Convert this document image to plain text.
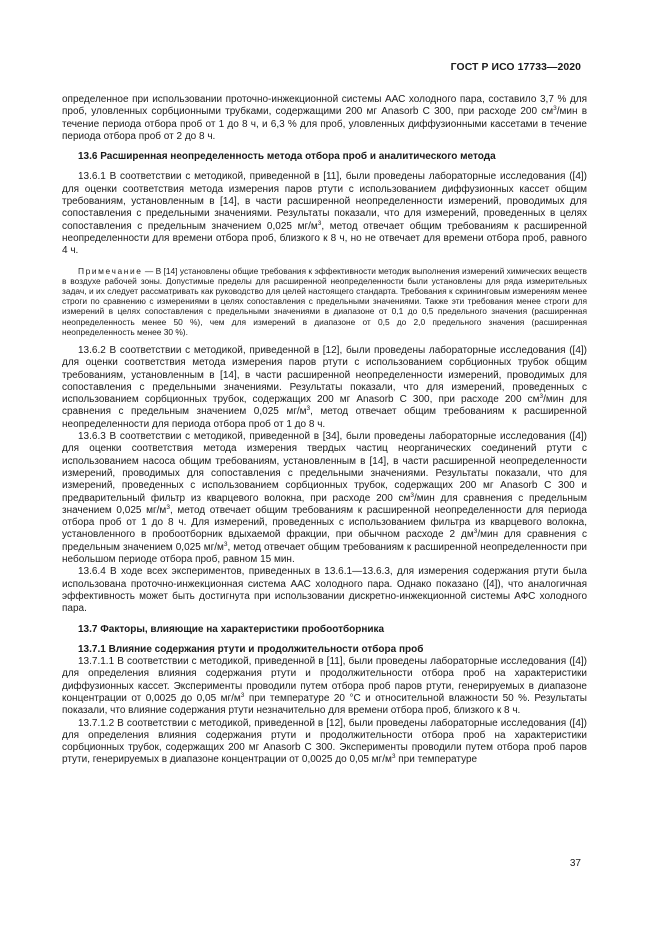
ГОСТ Р ИСО 17733—2020

определенное при использовании проточно-инжекционной системы ААС холодного пара, составило 3,7 % для проб, уловленных сорбционными трубками, содержащими 200 мг Anasorb C 300, при расходе 200 $см^3$/мин в течение периода отбора проб от 1 до 8 ч, и 6,3 % для проб, уловленных диффузионными кассетами в течение периода отбора проб от 2 до 8 ч.

13.6 Расширенная неопределенность метода отбора проб и аналитического метода

13.6.1 В соответствии с методикой, приведенной в [11], были проведены лабораторные исследования ([4]) для оценки соответствия метода измерения паров ртути с использованием диффузионных кассет общим требованиям, установленным в [14], в части расширенной неопределенности измерений, проводимых для сопоставления с предельными значениями. Результаты показали, что для измерений, проведенных в целях сопоставления с предельным значением 0,025 $мг/м^3$, метод отвечает общим требованиям к расширенной неопределенности для времени отбора проб, близкого к 8 ч, но не отвечает для времени отбора проб, равного 4 ч.

Примечание — В [14] установлены общие требования к эффективности методик выполнения измерений химических веществ в воздухе рабочей зоны. Допустимые пределы для расширенной неопределенности были установлены для ряда измерительных задач, и их следует рассматривать как руководство для целей настоящего стандарта. Требования к скрининговым измерениям менее строги по сравнению с измерениями в целях сопоставления с предельными значениями. Также эти требования менее строги для измерений в целях сопоставления с предельными значениями в диапазоне от 0,1 до 0,5 предельного значения (расширенная неопределенность менее 50 %), чем для измерений в диапазоне от 0,5 до 2,0 предельного значения (расширенная неопределенность менее 30 %).

13.6.2 В соответствии с методикой, приведенной в [12], были проведены лабораторные исследования ([4]) для оценки соответствия метода измерения паров ртути с использованием сорбционных трубок общим требованиям, установленным в [14], в части расширенной неопределенности измерений, проводимых для сопоставления с предельными значениями. Результаты показали, что для измерений, проведенных с использованием сорбционных трубок, содержащих 200 мг Anasorb C 300, при расходе 200 $см^3$/мин для сравнения с предельным значением 0,025 $мг/м^3$, метод отвечает общим требованиям к расширенной неопределенности для периода отбора проб от 1 до 8 ч.

13.6.3 В соответствии с методикой, приведенной в [34], были проведены лабораторные исследования ([4]) для оценки соответствия метода измерения твердых частиц неорганических соединений ртути с использованием насоса общим требованиям, установленным в [14], в части расширенной неопределенности измерений, проводимых для сопоставления с предельными значениями. Результаты показали, что для измерений, проведенных с использованием сорбционных трубок, содержащих 200 мг Anasorb C 300 и предварительный фильтр из кварцевого волокна, при расходе 200 $см^3$/мин для сравнения с предельным значением 0,025 $мг/м^3$, метод отвечает общим требованиям к расширенной неопределенности для периода отбора проб от 1 до 8 ч. Для измерений, проведенных с использованием фильтра из кварцевого волокна, установленного в пробоотборник вдыхаемой фракции, при обычном расходе 2 $дм^3$/мин для сравнения с предельным значением 0,025 $мг/м^3$, метод отвечает общим требованиям к расширенной неопределенности при небольшом периоде отбора проб, равном 15 мин.

13.6.4 В ходе всех экспериментов, приведенных в 13.6.1—13.6.3, для измерения содержания ртути была использована проточно-инжекционная система ААС холодного пара. Однако показано ([4]), что аналогичная эффективность может быть достигнута при использовании дискретно-инжекционной системы АФС холодного пара.

13.7 Факторы, влияющие на характеристики пробоотборника
13.7.1 Влияние содержания ртути и продолжительности отбора проб

13.7.1.1 В соответствии с методикой, приведенной в [11], были проведены лабораторные исследования ([4]) для определения влияния содержания ртути и продолжительности отбора проб на характеристики диффузионных кассет. Эксперименты проводили путем отбора проб паров ртути, генерируемых в диапазоне концентрации от 0,0025 до 0,05 $мг/м^3$ при температуре 20 °С и относительной влажности 50 %. Результаты показали, что влияние содержания ртути незначительно для времени отбора проб, близкого к 8 ч.

13.7.1.2 В соответствии с методикой, приведенной в [12], были проведены лабораторные исследования ([4]) для определения влияния содержания ртути и продолжительности отбора проб на характеристики сорбционных трубок, содержащих 200 мг Anasorb C 300. Эксперименты проводили путем отбора проб паров ртути, генерируемых в диапазоне концентрации от 0,0025 до 0,05 $мг/м^3$ при температуре

37
